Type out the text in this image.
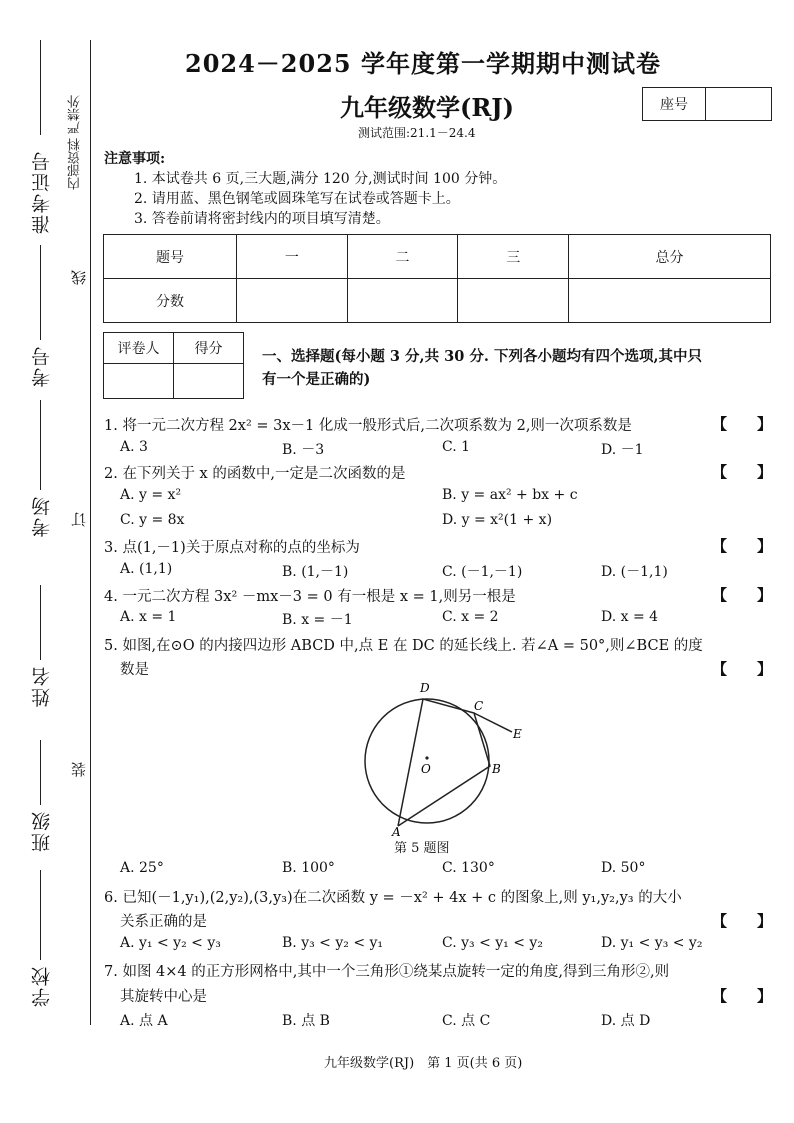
准考证号
考号
考场
姓名
班级
学校
内部资料 严禁外
线
订
装
2024－2025 学年度第一学期期中测试卷
九年级数学(RJ)
测试范围:21.1－24.4
座号
注意事项:
1. 本试卷共 6 页,三大题,满分 120 分,测试时间 100 分钟。
2. 请用蓝、黑色钢笔或圆珠笔写在试卷或答题卡上。
3. 答卷前请将密封线内的项目填写清楚。
题号	一	二	三	总分
分数				
评卷人	得分
		一、选择题(每小题 3 分,共 30 分. 下列各小题均有四个选项,其中只
有一个是正确的)
1. 将一元二次方程 2x² = 3x－1 化成一般形式后,二次项系数为 2,则一次项系数是	【　　】
A. 3	B. －3	C. 1	D. －1
2. 在下列关于 x 的函数中,一定是二次函数的是	【　　】
A. y = x²	B. y = ax² + bx + c
C. y = 8x	D. y = x²(1 + x)
3. 点(1,－1)关于原点对称的点的坐标为	【　　】
A. (1,1)	B. (1,－1)	C. (－1,－1)	D. (－1,1)
4. 一元二次方程 3x² －mx－3 = 0 有一根是 x = 1,则另一根是	【　　】
A. x = 1	B. x = －1	C. x = 2	D. x = 4
5. 如图,在⊙O 的内接四边形 ABCD 中,点 E 在 DC 的延长线上. 若∠A = 50°,则∠BCE 的度
数是	【　　】
D
C
E
O	B
A
第 5 题图
A. 25°	B. 100°	C. 130°	D. 50°
6. 已知(－1,y₁),(2,y₂),(3,y₃)在二次函数 y = －x² + 4x + c 的图象上,则 y₁,y₂,y₃ 的大小
关系正确的是	【　　】
A. y₁ < y₂ < y₃	B. y₃ < y₂ < y₁	C. y₃ < y₁ < y₂	D. y₁ < y₃ < y₂
7. 如图 4×4 的正方形网格中,其中一个三角形①绕某点旋转一定的角度,得到三角形②,则
其旋转中心是	【　　】
A. 点 A	B. 点 B	C. 点 C	D. 点 D
九年级数学(RJ)　第 1 页(共 6 页)
